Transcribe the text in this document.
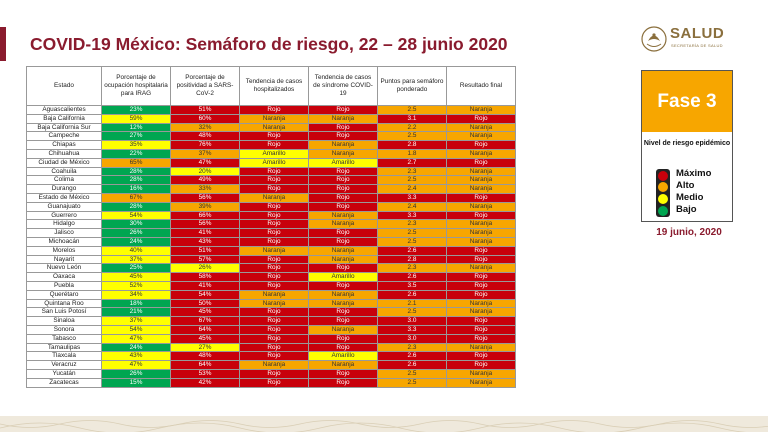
COVID-19 México: Semáforo de riesgo, 22 – 28 junio 2020
SALUD
SECRETARÍA DE SALUD
Estado	Porcentaje de ocupación hospitalaria para IRAG	Porcentaje de positividad a SARS-CoV-2	Tendencia de casos hospitalizados	Tendencia de casos de síndrome COVID-19	Puntos para semáforo ponderado	Resultado final
Aguascalientes	23%	51%	Rojo	Rojo	2.5	Naranja
Baja California	59%	60%	Naranja	Naranja	3.1	Rojo
Baja California Sur	12%	32%	Naranja	Rojo	2.2	Naranja
Campeche	27%	48%	Rojo	Rojo	2.5	Naranja
Chiapas	35%	76%	Rojo	Naranja	2.8	Rojo
Chihuahua	22%	37%	Amarillo	Naranja	1.8	Naranja
Ciudad de México	65%	47%	Amarillo	Amarillo	2.7	Rojo
Coahuila	28%	20%	Rojo	Rojo	2.3	Naranja
Colima	28%	49%	Rojo	Rojo	2.5	Naranja
Durango	16%	33%	Rojo	Rojo	2.4	Naranja
Estado de México	67%	56%	Naranja	Rojo	3.3	Rojo
Guanajuato	28%	39%	Rojo	Rojo	2.4	Naranja
Guerrero	54%	66%	Rojo	Naranja	3.3	Rojo
Hidalgo	30%	56%	Rojo	Naranja	2.3	Naranja
Jalisco	26%	41%	Rojo	Rojo	2.5	Naranja
Michoacán	24%	43%	Rojo	Rojo	2.5	Naranja
Morelos	40%	51%	Naranja	Naranja	2.6	Rojo
Nayarit	37%	57%	Rojo	Naranja	2.8	Rojo
Nuevo León	25%	26%	Rojo	Rojo	2.3	Naranja
Oaxaca	45%	58%	Rojo	Amarillo	2.6	Rojo
Puebla	52%	41%	Rojo	Rojo	3.5	Rojo
Querétaro	34%	54%	Naranja	Naranja	2.6	Rojo
Quintana Roo	18%	50%	Naranja	Naranja	2.1	Naranja
San Luis Potosí	21%	45%	Rojo	Rojo	2.5	Naranja
Sinaloa	37%	67%	Rojo	Rojo	3.0	Rojo
Sonora	54%	64%	Rojo	Naranja	3.3	Rojo
Tabasco	47%	45%	Rojo	Rojo	3.0	Rojo
Tamaulipas	24%	27%	Rojo	Rojo	2.3	Naranja
Tlaxcala	43%	48%	Rojo	Amarillo	2.6	Rojo
Veracruz	47%	64%	Naranja	Naranja	2.6	Rojo
Yucatán	26%	53%	Rojo	Rojo	2.5	Naranja
Zacatecas	15%	42%	Rojo	Rojo	2.5	Naranja
Fase 3
Nivel de riesgo epidémico
Máximo
Alto
Medio
Bajo
19 junio, 2020
